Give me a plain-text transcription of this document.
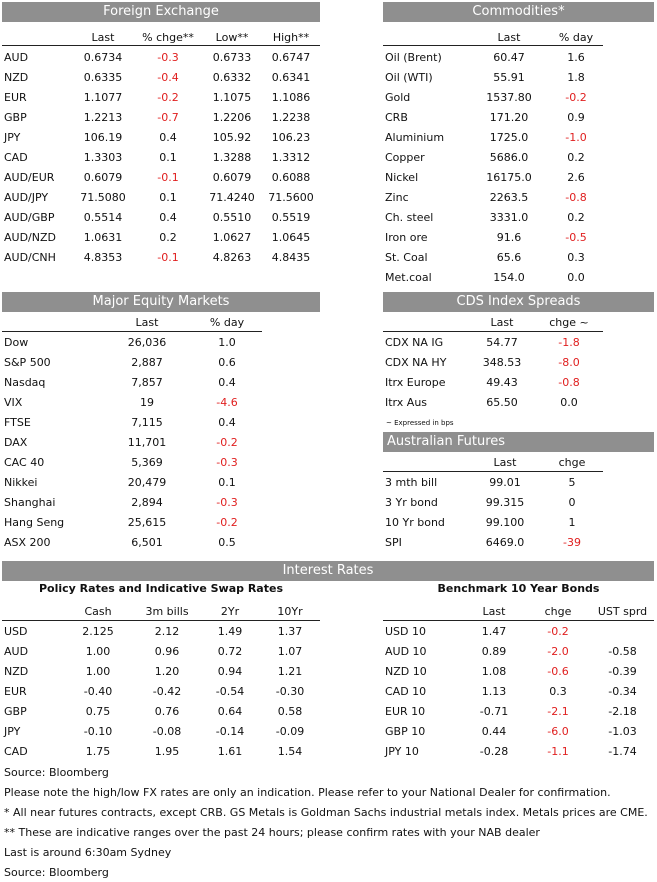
Foreign Exchange
	Last	% chge**	Low**	High**
AUD	0.6734	-0.3	0.6733	0.6747
NZD	0.6335	-0.4	0.6332	0.6341
EUR	1.1077	-0.2	1.1075	1.1086
GBP	1.2213	-0.7	1.2206	1.2238
JPY	106.19	0.4	105.92	106.23
CAD	1.3303	0.1	1.3288	1.3312
AUD/EUR	0.6079	-0.1	0.6079	0.6088
AUD/JPY	71.5080	0.1	71.4240	71.5600
AUD/GBP	0.5514	0.4	0.5510	0.5519
AUD/NZD	1.0631	0.2	1.0627	1.0645
AUD/CNH	4.8353	-0.1	4.8263	4.8435
Commodities*
	Last	% day
Oil (Brent)	60.47	1.6
Oil (WTI)	55.91	1.8
Gold	1537.80	-0.2
CRB	171.20	0.9
Aluminium	1725.0	-1.0
Copper	5686.0	0.2
Nickel	16175.0	2.6
Zinc	2263.5	-0.8
Ch. steel	3331.0	0.2
Iron ore	91.6	-0.5
St. Coal	65.6	0.3
Met.coal	154.0	0.0
Major Equity Markets
	Last	% day
Dow	26,036	1.0
S&P 500	2,887	0.6
Nasdaq	7,857	0.4
VIX	19	-4.6
FTSE	7,115	0.4
DAX	11,701	-0.2
CAC 40	5,369	-0.3
Nikkei	20,479	0.1
Shanghai	2,894	-0.3
Hang Seng	25,615	-0.2
ASX 200	6,501	0.5
CDS Index Spreads
	Last	chge ~
CDX NA IG	54.77	-1.8
CDX NA HY	348.53	-8.0
Itrx Europe	49.43	-0.8
Itrx Aus	65.50	0.0
~ Expressed in bps
Australian Futures
	Last	chge
3 mth bill	99.01	5
3 Yr bond	99.315	0
10 Yr bond	99.100	1
SPI	6469.0	-39
Interest Rates
Policy Rates and Indicative Swap Rates
	Cash	3m bills	2Yr	10Yr
USD	2.125	2.12	1.49	1.37
AUD	1.00	0.96	0.72	1.07
NZD	1.00	1.20	0.94	1.21
EUR	-0.40	-0.42	-0.54	-0.30
GBP	0.75	0.76	0.64	0.58
JPY	-0.10	-0.08	-0.14	-0.09
CAD	1.75	1.95	1.61	1.54
Benchmark 10 Year Bonds
	Last	chge	UST sprd
USD 10	1.47	-0.2	
AUD 10	0.89	-2.0	-0.58
NZD 10	1.08	-0.6	-0.39
CAD 10	1.13	0.3	-0.34
EUR 10	-0.71	-2.1	-2.18
GBP 10	0.44	-6.0	-1.03
JPY 10	-0.28	-1.1	-1.74
Source: Bloomberg
Please note the high/low FX rates are only an indication. Please refer to your National Dealer for confirmation.
* All near futures contracts, except CRB. GS Metals is Goldman Sachs industrial metals index. Metals prices are CME.
** These are indicative ranges over the past 24 hours; please confirm rates with your NAB dealer
Last is around 6:30am Sydney
Source: Bloomberg
